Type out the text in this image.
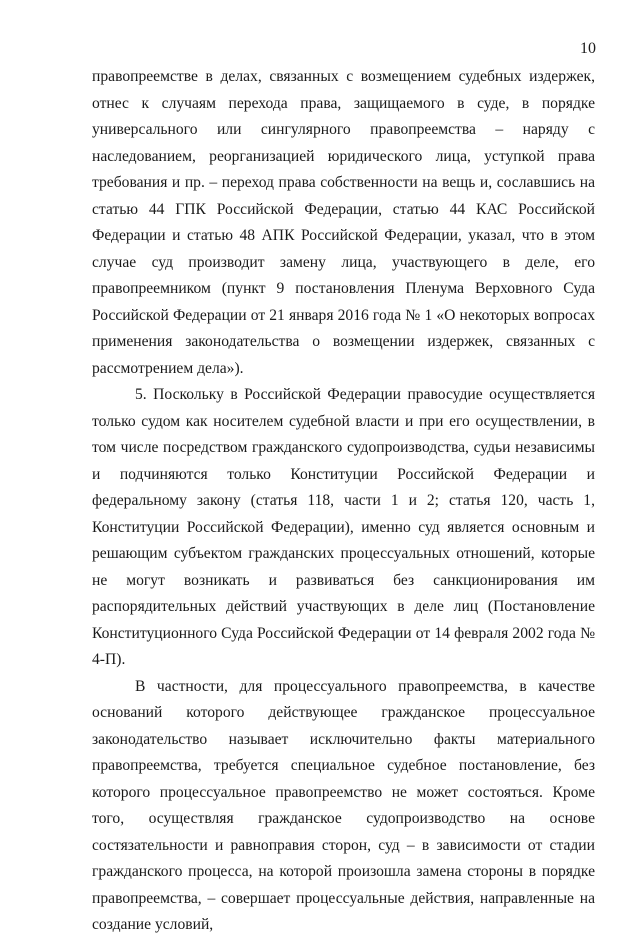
10

правопреемстве в делах, связанных с возмещением судебных издержек, отнес к случаям перехода права, защищаемого в суде, в порядке универсального или сингулярного правопреемства – наряду с наследованием, реорганизацией юридического лица, уступкой права требования и пр. – переход права собственности на вещь и, сославшись на статью 44 ГПК Российской Федерации, статью 44 КАС Российской Федерации и статью 48 АПК Российской Федерации, указал, что в этом случае суд производит замену лица, участвующего в деле, его правопреемником (пункт 9 постановления Пленума Верховного Суда Российской Федерации от 21 января 2016 года № 1 «О некоторых вопросах применения законодательства о возмещении издержек, связанных с рассмотрением дела»).

5. Поскольку в Российской Федерации правосудие осуществляется только судом как носителем судебной власти и при его осуществлении, в том числе посредством гражданского судопроизводства, судьи независимы и подчиняются только Конституции Российской Федерации и федеральному закону (статья 118, части 1 и 2; статья 120, часть 1, Конституции Российской Федерации), именно суд является основным и решающим субъектом гражданских процессуальных отношений, которые не могут возникать и развиваться без санкционирования им распорядительных действий участвующих в деле лиц (Постановление Конституционного Суда Российской Федерации от 14 февраля 2002 года № 4-П).

В частности, для процессуального правопреемства, в качестве оснований которого действующее гражданское процессуальное законодательство называет исключительно факты материального правопреемства, требуется специальное судебное постановление, без которого процессуальное правопреемство не может состояться. Кроме того, осуществляя гражданское судопроизводство на основе состязательности и равноправия сторон, суд – в зависимости от стадии гражданского процесса, на которой произошла замена стороны в порядке правопреемства, – совершает процессуальные действия, направленные на создание условий,
